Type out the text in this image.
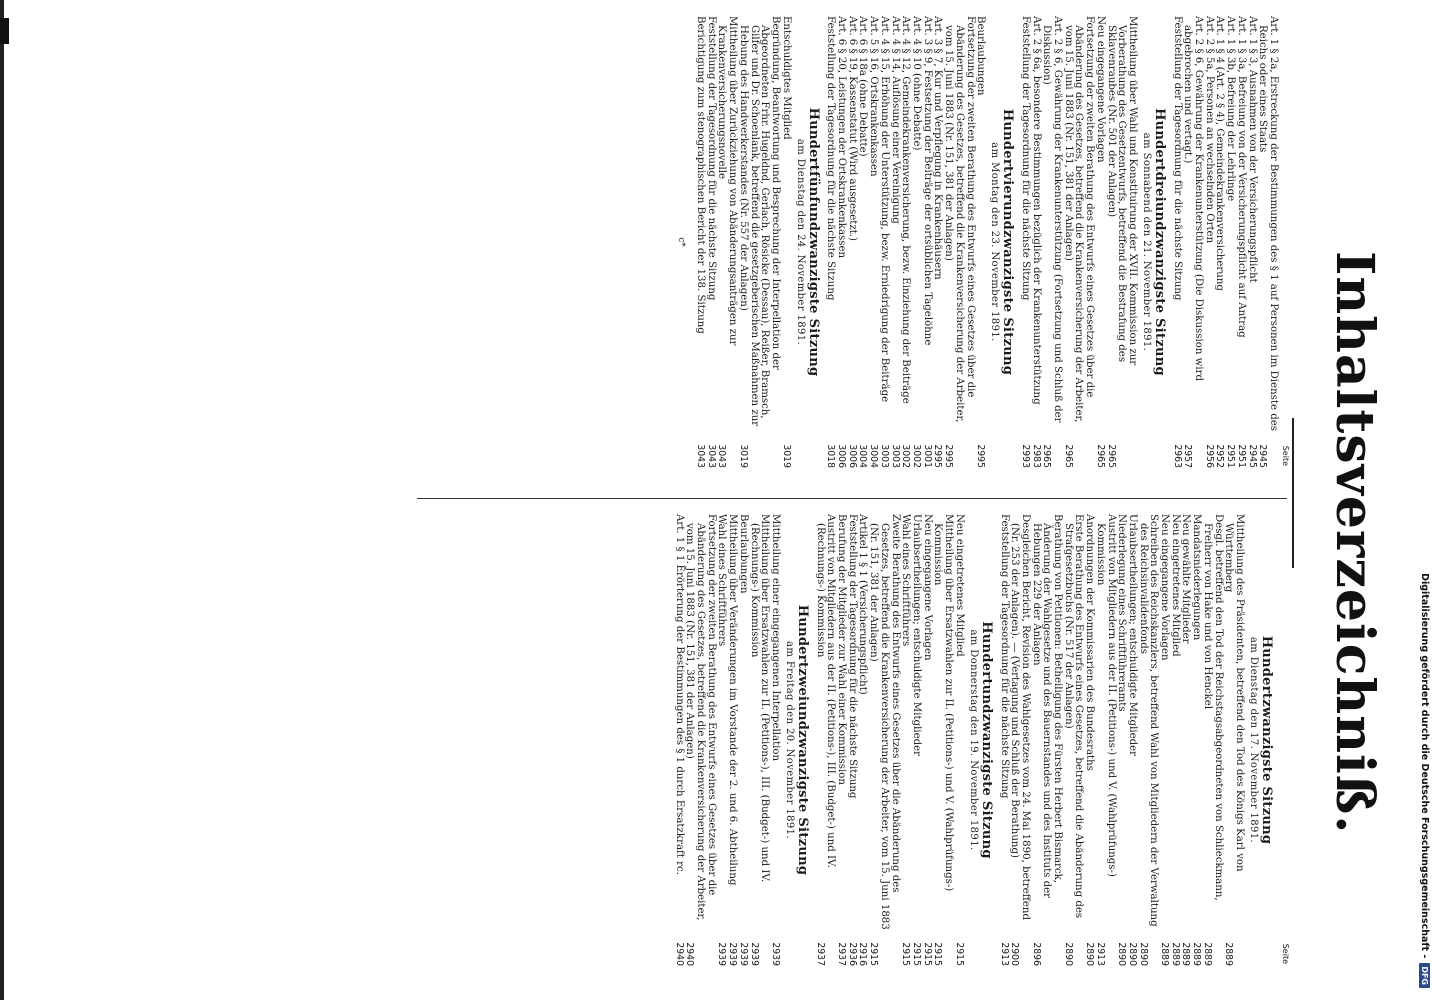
Digitalisierung gefördert durch die Deutsche Forschungsgemeinschaft -
DFG
Inhaltsverzeichniß.
Seite
Hundertzwanzigste Sitzung
am Dienstag den 17. November 1891.
Mittheilung des Präsidenten, betreffend den Tod des Königs Karl von Württemberg
2889
Desgl. betreffend den Tod der Reichstagsabgeordneten von Schlieckmann, Freiherr von Hake und von Henckel
2889
Mandatsniederlegungen
2889
Neu gewählte Mitglieder
2889
Neu eingetretenes Mitglied
2889
Neu eingegangene Vorlagen
2889
Schreiben des Reichskanzlers, betreffend Wahl von Mitgliedern der Verwaltung des Reichsinvalidenfonds
2890
Urlaubsertheilungen; entschuldigte Mitglieder
2890
Niederlegung eines Schriftführeramts
2890
Austritt von Mitgliedern aus der II. (Petitions-) und V. (Wahlprüfungs-) Kommission
2913
Anordnungen der Kommissarien des Bundesraths
2890
Erste Berathung des Entwurfs eines Gesetzes, betreffend die Abänderung des Strafgesetzbuchs (Nr. 517 der Anlagen)
2890
Berathung von Petitionen: Betheiligung des Fürsten Herbert Bismarck, Änderung der Wahlgesetze und des Bauernstandes und des Instituts der Hebungen 229 der Anlagen
2896
Desgleichen Bericht, Revision des Wahlgesetzes vom 24. Mai 1890, betreffend (Nr. 253 der Anlagen). — (Vertagung und Schluß der Berathung)
2900
Feststellung der Tagesordnung für die nächste Sitzung
2913
Hundertundzwanzigste Sitzung
am Donnerstag den 19. November 1891.
Neu eingetretenes Mitglied
2915
Mittheilung über Ersatzwahlen zur II. (Petitions-) und V. (Wahlprüfungs-) Kommission
2915
Neu eingegangene Vorlagen
2915
Urlaubsertheilungen; entschuldigte Mitglieder
2915
Wahl eines Schriftführers
2915
Zweite Berathung des Entwurfs eines Gesetzes über die Abänderung des Gesetzes, betreffend die Krankenversicherung der Arbeiter, vom 15. Juni 1883 (Nr. 151, 381 der Anlagen)
2915
Artikel 1 § 1 (Versicherungspflicht)
2916
Feststellung der Tagesordnung für die nächste Sitzung
2936
Berufung der Mitglieder zur Wahl einer Kommission
2937
Austritt von Mitgliedern aus der II. (Petitions-), III. (Budget-) und IV. (Rechnungs-) Kommission
2937
Hundertzweiundzwanzigste Sitzung
am Freitag den 20. November 1891.
Mittheilung einer eingegangenen Interpellation
2939
Mittheilung über Ersatzwahlen zur II. (Petitions-), III. (Budget-) und IV. (Rechnungs-) Kommission
2939
Beurlaubungen
2939
Mittheilung über Veränderungen im Vorstande der 2. und 6. Abtheilung
2939
Wahl eines Schriftführers
2939
Fortsetzung der zweiten Berathung des Entwurfs eines Gesetzes über die Abänderung des Gesetzes, betreffend die Krankenversicherung der Arbeiter, vom 15. Juni 1883 (Nr. 151, 381 der Anlagen)
2940
Art. 1 § 1 Erörterung der Bestimmungen des § 1 durch Ersatzkraft rc.
2940
Seite
Art. 1 § 2a, Erstreckung der Bestimmungen des § 1 auf Personen im Dienste des Reichs oder eines Staats
2945
Art. 1 § 3, Ausnahmen von der Versicherungspflicht
2945
Art. 1 § 3a, Befreiung von der Versicherungspflicht auf Antrag
2951
Art. 1 § 3b, Befreiung der Lehrlinge
2951
Art. 1 § 4 (Art. 2 § 4), Gemeindekrankenversicherung
2952
Art. 2 § 5a, Personen an wechselnden Orten
2956
Art. 2 § 6, Gewährung der Krankenunterstützung (Die Diskussion wird abgebrochen und vertagt.)
2957
Feststellung der Tagesordnung für die nächste Sitzung
2963
Hundertdreiundzwanzigste Sitzung
am Sonnabend den 21. November 1891.
Mittheilung über Wahl und Konstituirung der XVII. Kommission zur Vorberathung des Gesetzentwurfs, betreffend die Bestrafung des Sklavenraubes (Nr. 501 der Anlagen)
2965
Neu eingegangene Vorlagen
2965
Fortsetzung der zweiten Berathung des Entwurfs eines Gesetzes über die Abänderung des Gesetzes, betreffend die Krankenversicherung der Arbeiter, vom 15. Juni 1883 (Nr. 151, 381 der Anlagen)
2965
Art. 2 § 6, Gewährung der Krankenunterstützung (Fortsetzung und Schluß der Diskussion)
2965
Art. 2 § 6a, besondere Bestimmungen bezüglich der Krankenunterstützung
2983
Feststellung der Tagesordnung für die nächste Sitzung
2993
Hundertvierundzwanzigste Sitzung
am Montag den 23. November 1891.
Beurlaubungen
2995
Fortsetzung der zweiten Berathung des Entwurfs eines Gesetzes über die Abänderung des Gesetzes, betreffend die Krankenversicherung der Arbeiter, vom 15. Juni 1883 (Nr. 151, 381 der Anlagen)
2995
Art. 3 § 7, Kur und Verpflegung in Krankenhäusern
2995
Art. 3 § 9, Festsetzung der Beiträge der ortsüblichen Tagelöhne
3001
Art. 4 § 10 (ohne Debatte)
3002
Art. 4 § 12, Gemeindekrankenversicherung, bezw. Einziehung der Beiträge
3002
Art. 4 § 14, Auflösung einer Vereinigung
3003
Art. 4 § 15, Erhöhung der Unterstützung, bezw. Erniedrigung der Beiträge
3003
Art. 5 § 16, Ortskrankenkassen
3004
Art. 6 § 18a (ohne Debatte)
3004
Art. 6 § 19, Kassenstatut (Wird ausgesetzt.)
3006
Art. 6 § 20, Leistungen der Ortskrankenkassen
3006
Feststellung der Tagesordnung für die nächste Sitzung
3018
Hundertfünfundzwanzigste Sitzung
am Dienstag den 24. November 1891.
Entschuldigtes Mitglied
3019
Begründung, Beantwortung und Besprechung der Interpellation der Abgeordneten Frhr. Hugeldnd, Gerlach, Rösicke (Dessau), Reißer, Bramsch, Gilfer und Dr. Schoenlank, betreffend die gesetzgeberischen Maßnahmen zur Hebung des Handwerkerstandes (Nr. 557 der Anlagen)
3019
Mittheilung über Zurückziehung von Abänderungsanträgen zur Krankenversicherungsnovelle
3043
Feststellung der Tagesordnung für die nächste Sitzung
3043
Berichtigung zum stenographischen Bericht der 138. Sitzung
3043
c*
